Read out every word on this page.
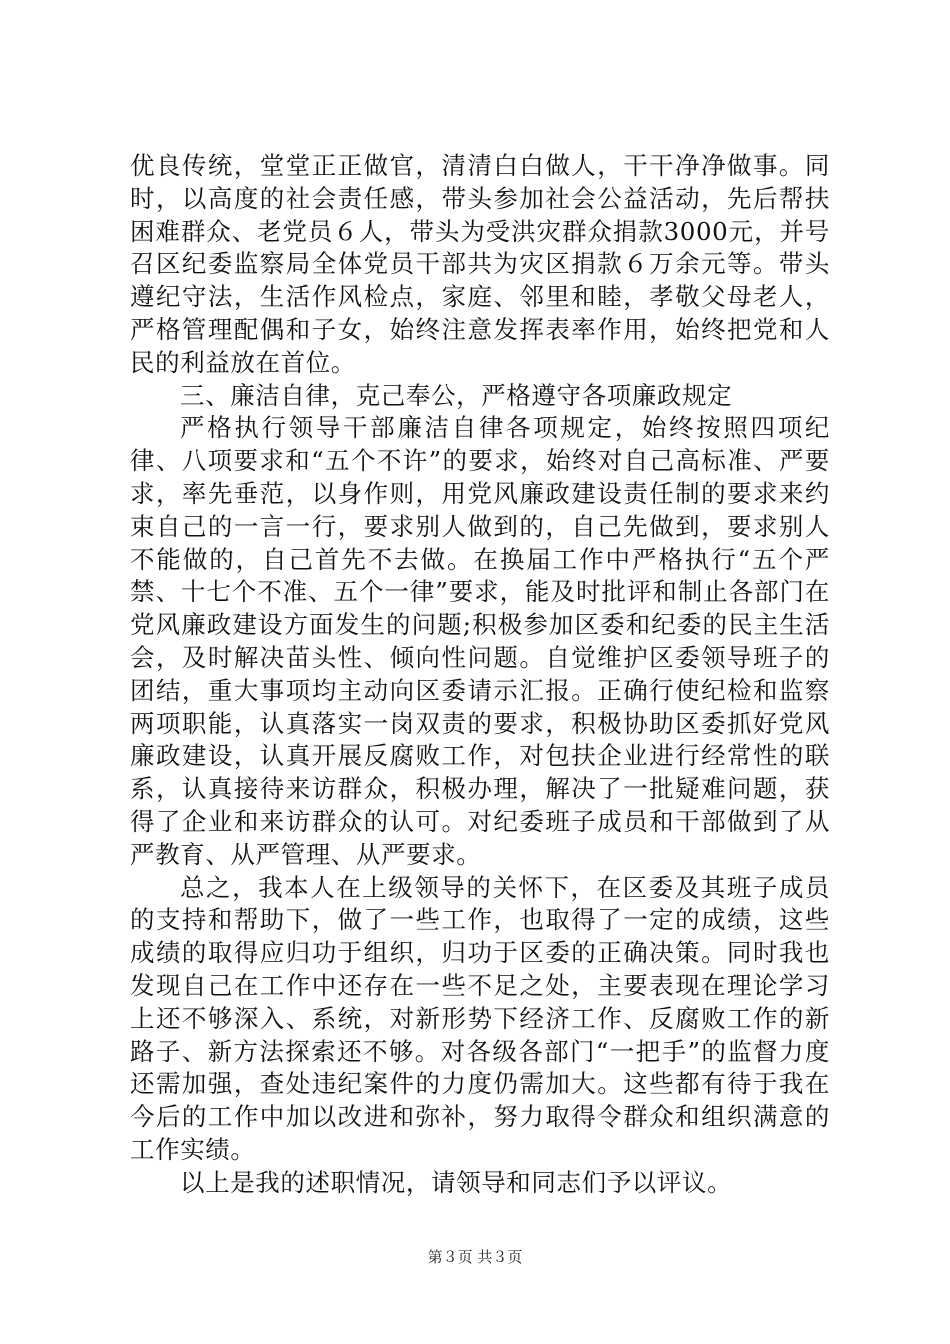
优良传统，堂堂正正做官，清清白白做人，干干净净做事。同时，以高度的社会责任感，带头参加社会公益活动，先后帮扶困难群众、老党员６人，带头为受洪灾群众捐款3000元，并号召区纪委监察局全体党员干部共为灾区捐款６万余元等。带头遵纪守法，生活作风检点，家庭、邻里和睦，孝敬父母老人，严格管理配偶和子女，始终注意发挥表率作用，始终把党和人民的利益放在首位。

三、廉洁自律，克己奉公，严格遵守各项廉政规定

严格执行领导干部廉洁自律各项规定，始终按照四项纪律、八项要求和“五个不许”的要求，始终对自己高标准、严要求，率先垂范，以身作则，用党风廉政建设责任制的要求来约束自己的一言一行，要求别人做到的，自己先做到，要求别人不能做的，自己首先不去做。在换届工作中严格执行“五个严禁、十七个不准、五个一律”要求，能及时批评和制止各部门在党风廉政建设方面发生的问题;积极参加区委和纪委的民主生活会，及时解决苗头性、倾向性问题。自觉维护区委领导班子的团结，重大事项均主动向区委请示汇报。正确行使纪检和监察两项职能，认真落实一岗双责的要求，积极协助区委抓好党风廉政建设，认真开展反腐败工作，对包扶企业进行经常性的联系，认真接待来访群众，积极办理，解决了一批疑难问题，获得了企业和来访群众的认可。对纪委班子成员和干部做到了从严教育、从严管理、从严要求。

总之，我本人在上级领导的关怀下，在区委及其班子成员的支持和帮助下，做了一些工作，也取得了一定的成绩，这些成绩的取得应归功于组织，归功于区委的正确决策。同时我也发现自己在工作中还存在一些不足之处，主要表现在理论学习上还不够深入、系统，对新形势下经济工作、反腐败工作的新路子、新方法探索还不够。对各级各部门“一把手”的监督力度还需加强，查处违纪案件的力度仍需加大。这些都有待于我在今后的工作中加以改进和弥补，努力取得令群众和组织满意的工作实绩。

以上是我的述职情况，请领导和同志们予以评议。

第３页 共３页
